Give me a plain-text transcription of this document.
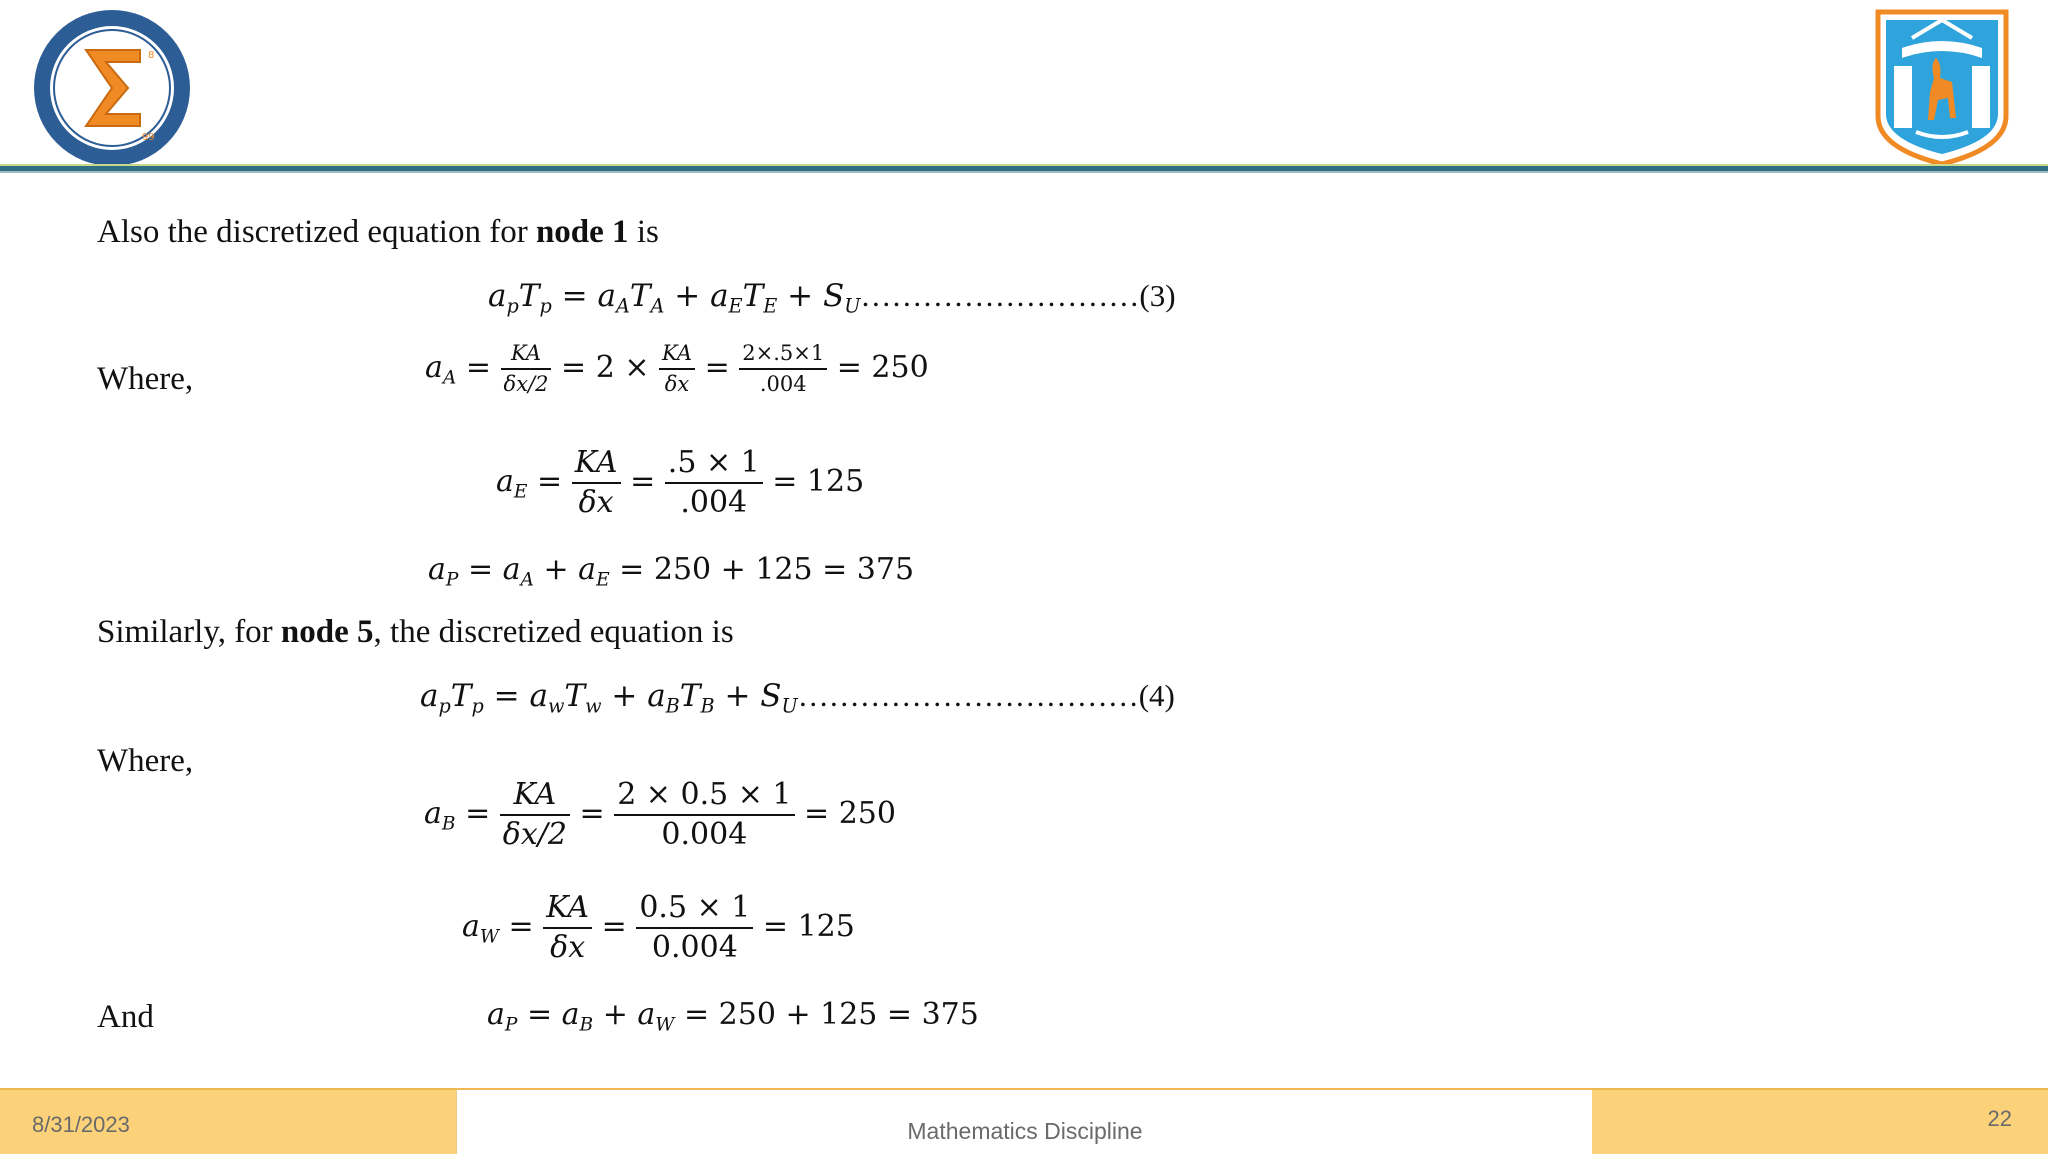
8
99
Also the discretized equation for node 1 is
$a_pT_p = a_AT_A + a_ET_E$ + $S_U\dots\dots\dots\dots\dots\dots\dots\dots\dots(3)$
Where,	$a_A = \frac{KA}{\delta x/2} = 2 \times \frac{KA}{\delta x} = \frac{2\times.5\times 1}{.004} = 250$
$a_E = \frac{KA}{\delta x} = \frac{.5 \times 1}{.004} = 125$
$a_P = a_A + a_E = 250 + 125 = 375$
Similarly, for node 5, the discretized equation is
$a_pT_p = a_wT_w + a_BT_B$ + $S_U\dots\dots\dots\dots\dots\dots\dots\dots\dots\dots\dots(4)$
Where,
$a_B = \frac{KA}{\delta x/2} = \frac{2 \times 0.5 \times 1}{0.004} = 250$
$a_W = \frac{KA}{\delta x} = \frac{0.5 \times 1}{0.004} = 125$
And	$a_P = a_B + a_W = 250 + 125 = 375$
8/31/2023	Mathematics Discipline	22
